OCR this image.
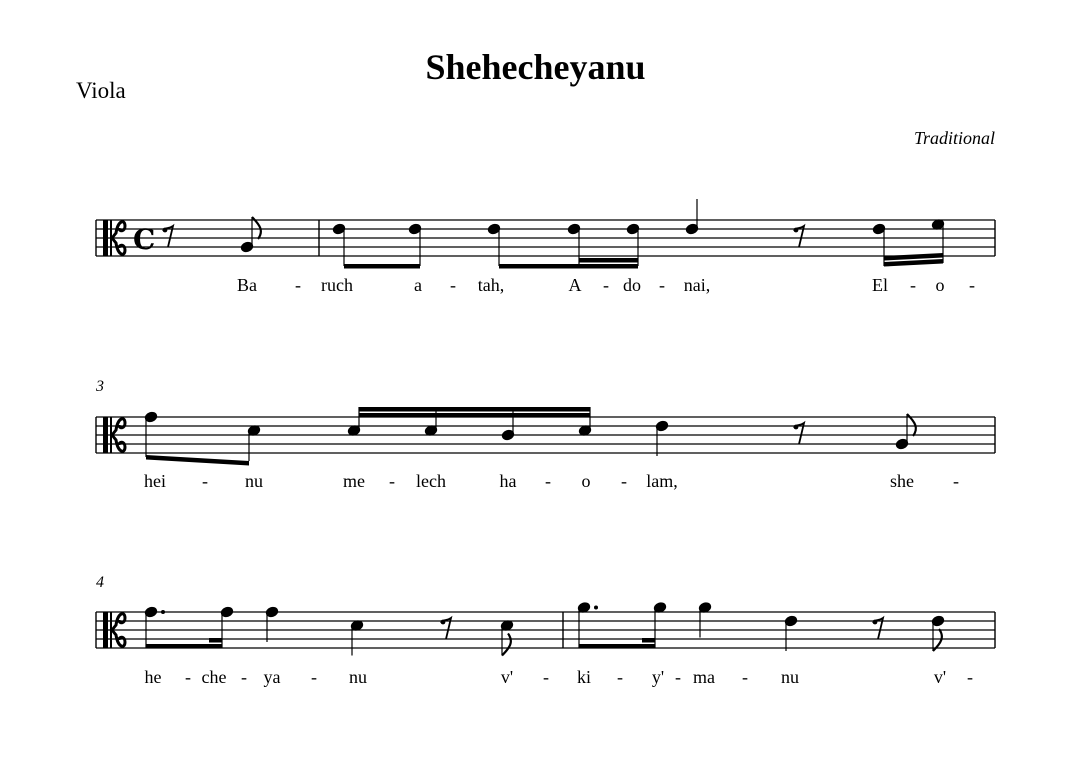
Shehecheyanu
Viola
Traditional
3
4
C
Ba - ruch	a - tah,	A - do - nai,	El - o -
hei - nu	me - lech	ha - o - lam,	she -
he - che - ya - nu	v' - ki - y' - ma - nu	v' -
